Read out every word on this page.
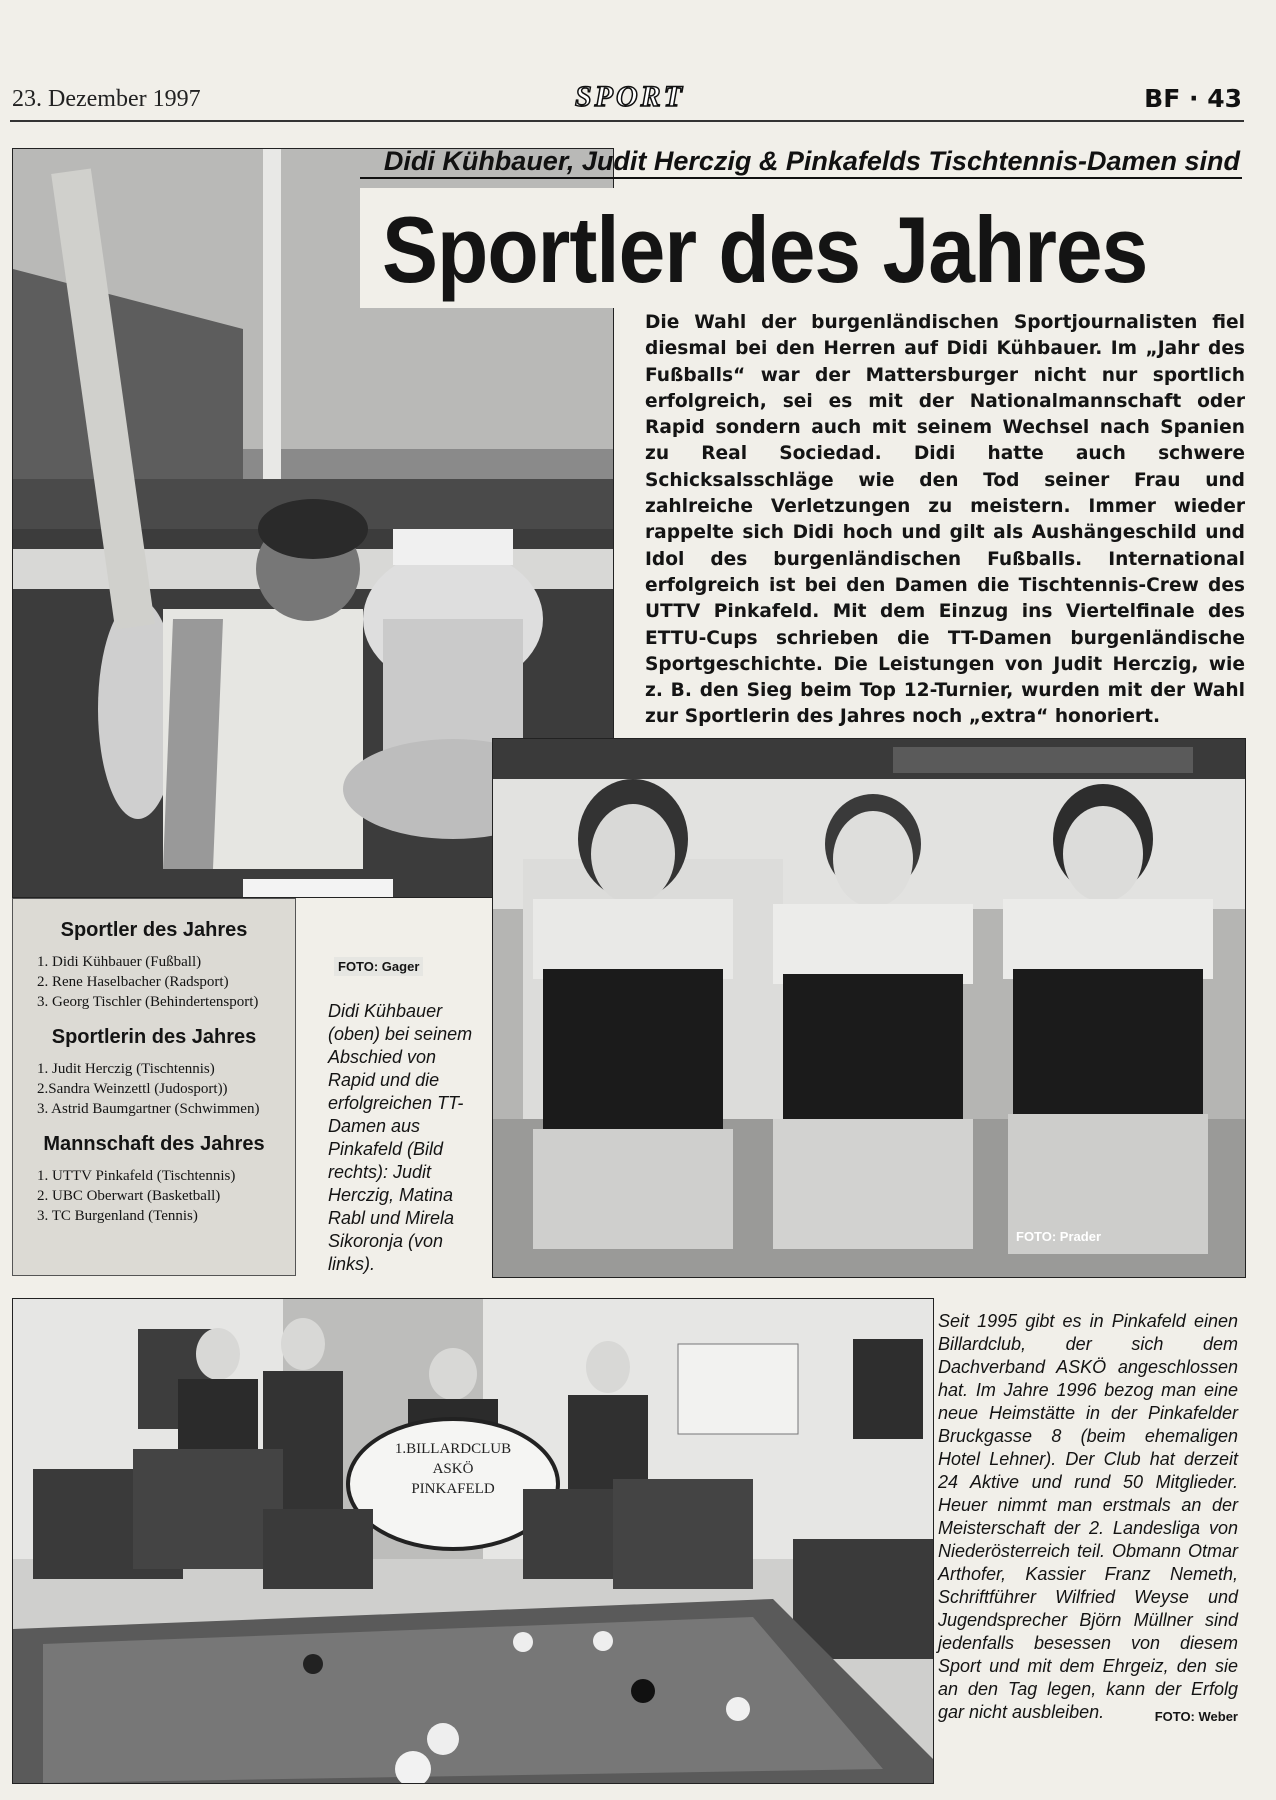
23. Dezember 1997	SPORT	BF · 43
FOTO: Gager
Didi Kühbauer, Judit Herczig & Pinkafelds Tischtennis-Damen sind
Sportler des Jahres

Die Wahl der burgenländischen Sportjournalisten fiel diesmal bei den Herren auf Didi Kühbauer. Im „Jahr des Fußballs“ war der Mattersburger nicht nur sportlich erfolgreich, sei es mit der Nationalmannschaft oder Rapid sondern auch mit seinem Wechsel nach Spanien zu Real Sociedad. Didi hatte auch schwere Schicksalsschläge wie den Tod seiner Frau und zahlreiche Verletzungen zu meistern. Immer wieder rappelte sich Didi hoch und gilt als Aushängeschild und Idol des burgenländischen Fußballs. International erfolgreich ist bei den Damen die Tischtennis-Crew des UTTV Pinkafeld. Mit dem Einzug ins Viertelfinale des ETTU-Cups schrieben die TT-Damen burgenländische Sportgeschichte. Die Leistungen von Judit Herczig, wie z. B. den Sieg beim Top 12-Turnier, wurden mit der Wahl zur Sportlerin des Jahres noch „extra“ honoriert.

FOTO: Prader
Sportler des Jahres
1. Didi Kühbauer (Fußball)
2. Rene Haselbacher (Radsport)
3. Georg Tischler (Behindertensport)
Sportlerin des Jahres
1. Judit Herczig (Tischtennis)
2.Sandra Weinzettl (Judosport))
3. Astrid Baumgartner (Schwimmen)
Mannschaft des Jahres
1. UTTV Pinkafeld (Tischtennis)
2. UBC Oberwart (Basketball)
3. TC Burgenland (Tennis)

Didi Kühbauer (oben) bei seinem Abschied von Rapid und die erfolgreichen TT-Damen aus Pinkafeld (Bild rechts): Judit Herczig, Matina Rabl und Mirela Sikoronja (von links).

1.BILLARDCLUB
ASKÖ
PINKAFELD

Seit 1995 gibt es in Pinkafeld einen Billardclub, der sich dem Dachverband ASKÖ angeschlossen hat. Im Jahre 1996 bezog man eine neue Heimstätte in der Pinkafelder Bruckgasse 8 (beim ehemaligen Hotel Lehner). Der Club hat derzeit 24 Aktive und rund 50 Mitglieder. Heuer nimmt man erstmals an der Meisterschaft der 2. Landesliga von Niederösterreich teil. Obmann Otmar Arthofer, Kassier Franz Nemeth, Schriftführer Wilfried Weyse und Jugendsprecher Björn Müllner sind jedenfalls besessen von diesem Sport und mit dem Ehrgeiz, den sie an den Tag legen, kann der Erfolg gar nicht ausbleiben.	FOTO: Weber
